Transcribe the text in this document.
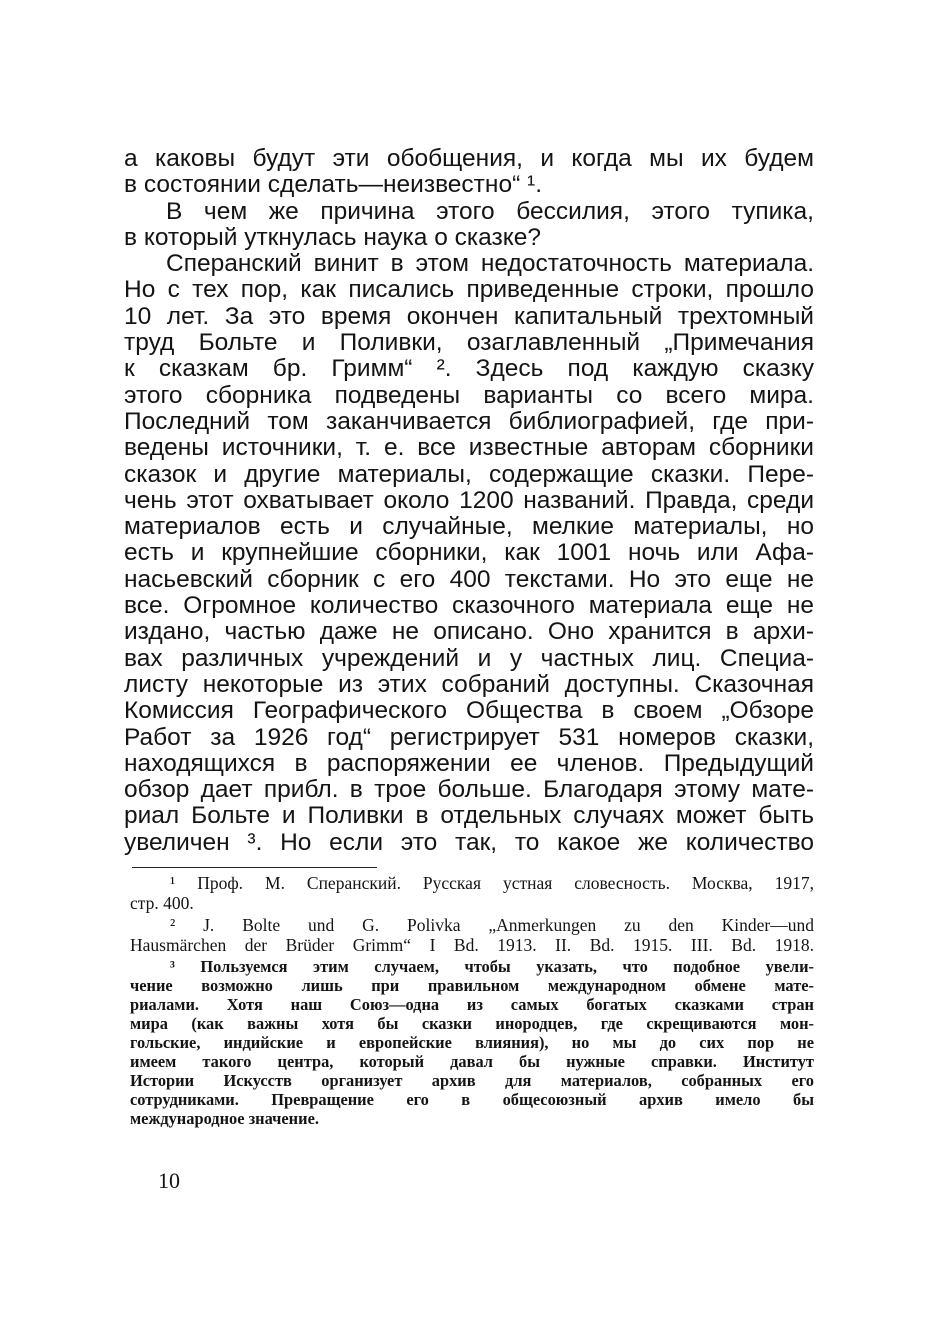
а каковы будут эти обобщения, и когда мы их будем
в состоянии сделать—неизвестно“ ¹.
В чем же причина этого бессилия, этого тупика,
в который уткнулась наука о сказке?
Сперанский винит в этом недостаточность материала.
Но с тех пор, как писались приведенные строки, прошло
10 лет. За это время окончен капитальный трехтомный
труд Больте и Поливки, озаглавленный „Примечания
к сказкам бр. Гримм“ ². Здесь под каждую сказку
этого сборника подведены варианты со всего мира.
Последний том заканчивается библиографией, где при-
ведены источники, т. е. все известные авторам сборники
сказок и другие материалы, содержащие сказки. Пере-
чень этот охватывает около 1200 названий. Правда, среди
материалов есть и случайные, мелкие материалы, но
есть и крупнейшие сборники, как 1001 ночь или Афа-
насьевский сборник с его 400 текстами. Но это еще не
все. Огромное количество сказочного материала еще не
издано, частью даже не описано. Оно хранится в архи-
вах различных учреждений и у частных лиц. Специа-
листу некоторые из этих собраний доступны. Сказочная
Комиссия Географического Общества в своем „Обзоре
Работ за 1926 год“ регистрирует 531 номеров сказки,
находящихся в распоряжении ее членов. Предыдущий
обзор дает прибл. в трое больше. Благодаря этому мате-
риал Больте и Поливки в отдельных случаях может быть
увеличен ³. Но если это так, то какое же количество
¹ Проф. М. Сперанский. Русская устная словесность. Москва, 1917,
стр. 400.
² J. Bolte und G. Polivka „Anmerkungen zu den Kinder—und
Hausmärchen der Brüder Grimm“ I Bd. 1913. II. Bd. 1915. III. Bd. 1918.
³ Пользуемся этим случаем, чтобы указать, что подобное увели-
чение возможно лишь при правильном международном обмене мате-
риалами. Хотя наш Союз—одна из самых богатых сказками стран
мира (как важны хотя бы сказки инородцев, где скрещиваются мон-
гольские, индийские и европейские влияния), но мы до сих пор не
имеем такого центра, который давал бы нужные справки. Институт
Истории Искусств организует архив для материалов, собранных его
сотрудниками. Превращение его в общесоюзный архив имело бы
международное значение.
10
